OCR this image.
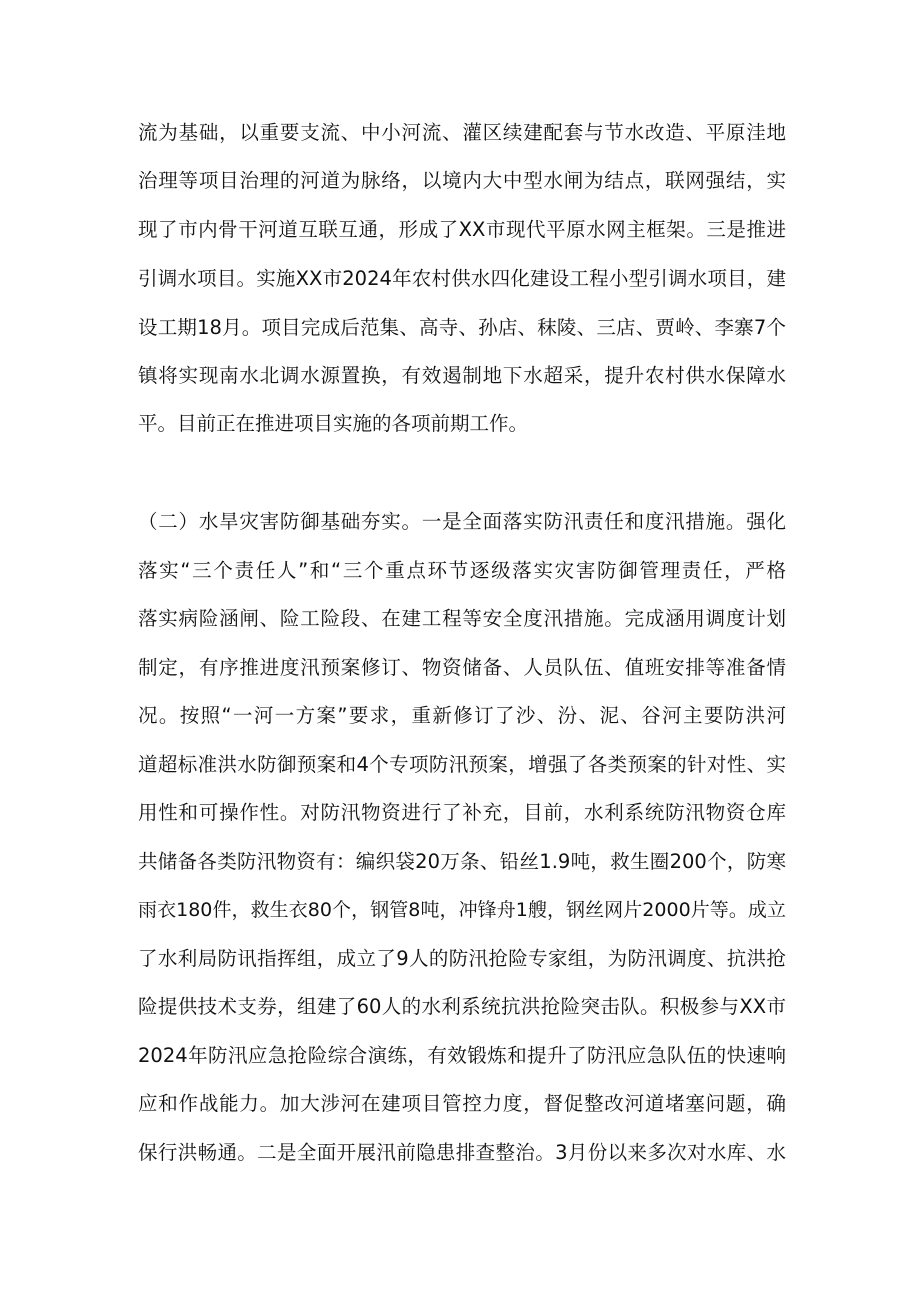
流为基础，以重要支流、中小河流、灌区续建配套与节水改造、平原洼地
治理等项目治理的河道为脉络，以境内大中型水闸为结点，联网强结，实
现了市内骨干河道互联互通，形成了XX市现代平原水网主框架。三是推进
引调水项目。实施XX市2024年农村供水四化建设工程小型引调水项目，建
设工期18月。项目完成后范集、高寺、孙店、秣陵、三店、贾岭、李寨7个
镇将实现南水北调水源置换，有效遏制地下水超采，提升农村供水保障水
平。目前正在推进项目实施的各项前期工作。
（二）水旱灾害防御基础夯实。一是全面落实防汛责任和度汛措施。强化
落实“三个责任人”和“三个重点环节逐级落实灾害防御管理责任，严格
落实病险涵闸、险工险段、在建工程等安全度汛措施。完成涵用调度计划
制定，有序推进度汛预案修订、物资储备、人员队伍、值班安排等准备情
况。按照“一河一方案”要求，重新修订了沙、汾、泥、谷河主要防洪河
道超标准洪水防御预案和4个专项防汛预案，增强了各类预案的针对性、实
用性和可操作性。对防汛物资进行了补充，目前，水利系统防汛物资仓库
共储备各类防汛物资有：编织袋20万条、铅丝1.9吨，救生圈200个，防寒
雨衣180件，救生衣80个，钢管8吨，冲锋舟1艘，钢丝网片2000片等。成立
了水利局防讯指挥组，成立了9人的防汛抢险专家组，为防汛调度、抗洪抢
险提供技术支券，组建了60人的水利系统抗洪抢险突击队。积极参与XX市
2024年防汛应急抢险综合演练，有效锻炼和提升了防汛应急队伍的快速响
应和作战能力。加大涉河在建项目管控力度，督促整改河道堵塞问题，确
保行洪畅通。二是全面开展汛前隐患排查整治。3月份以来多次对水库、水
